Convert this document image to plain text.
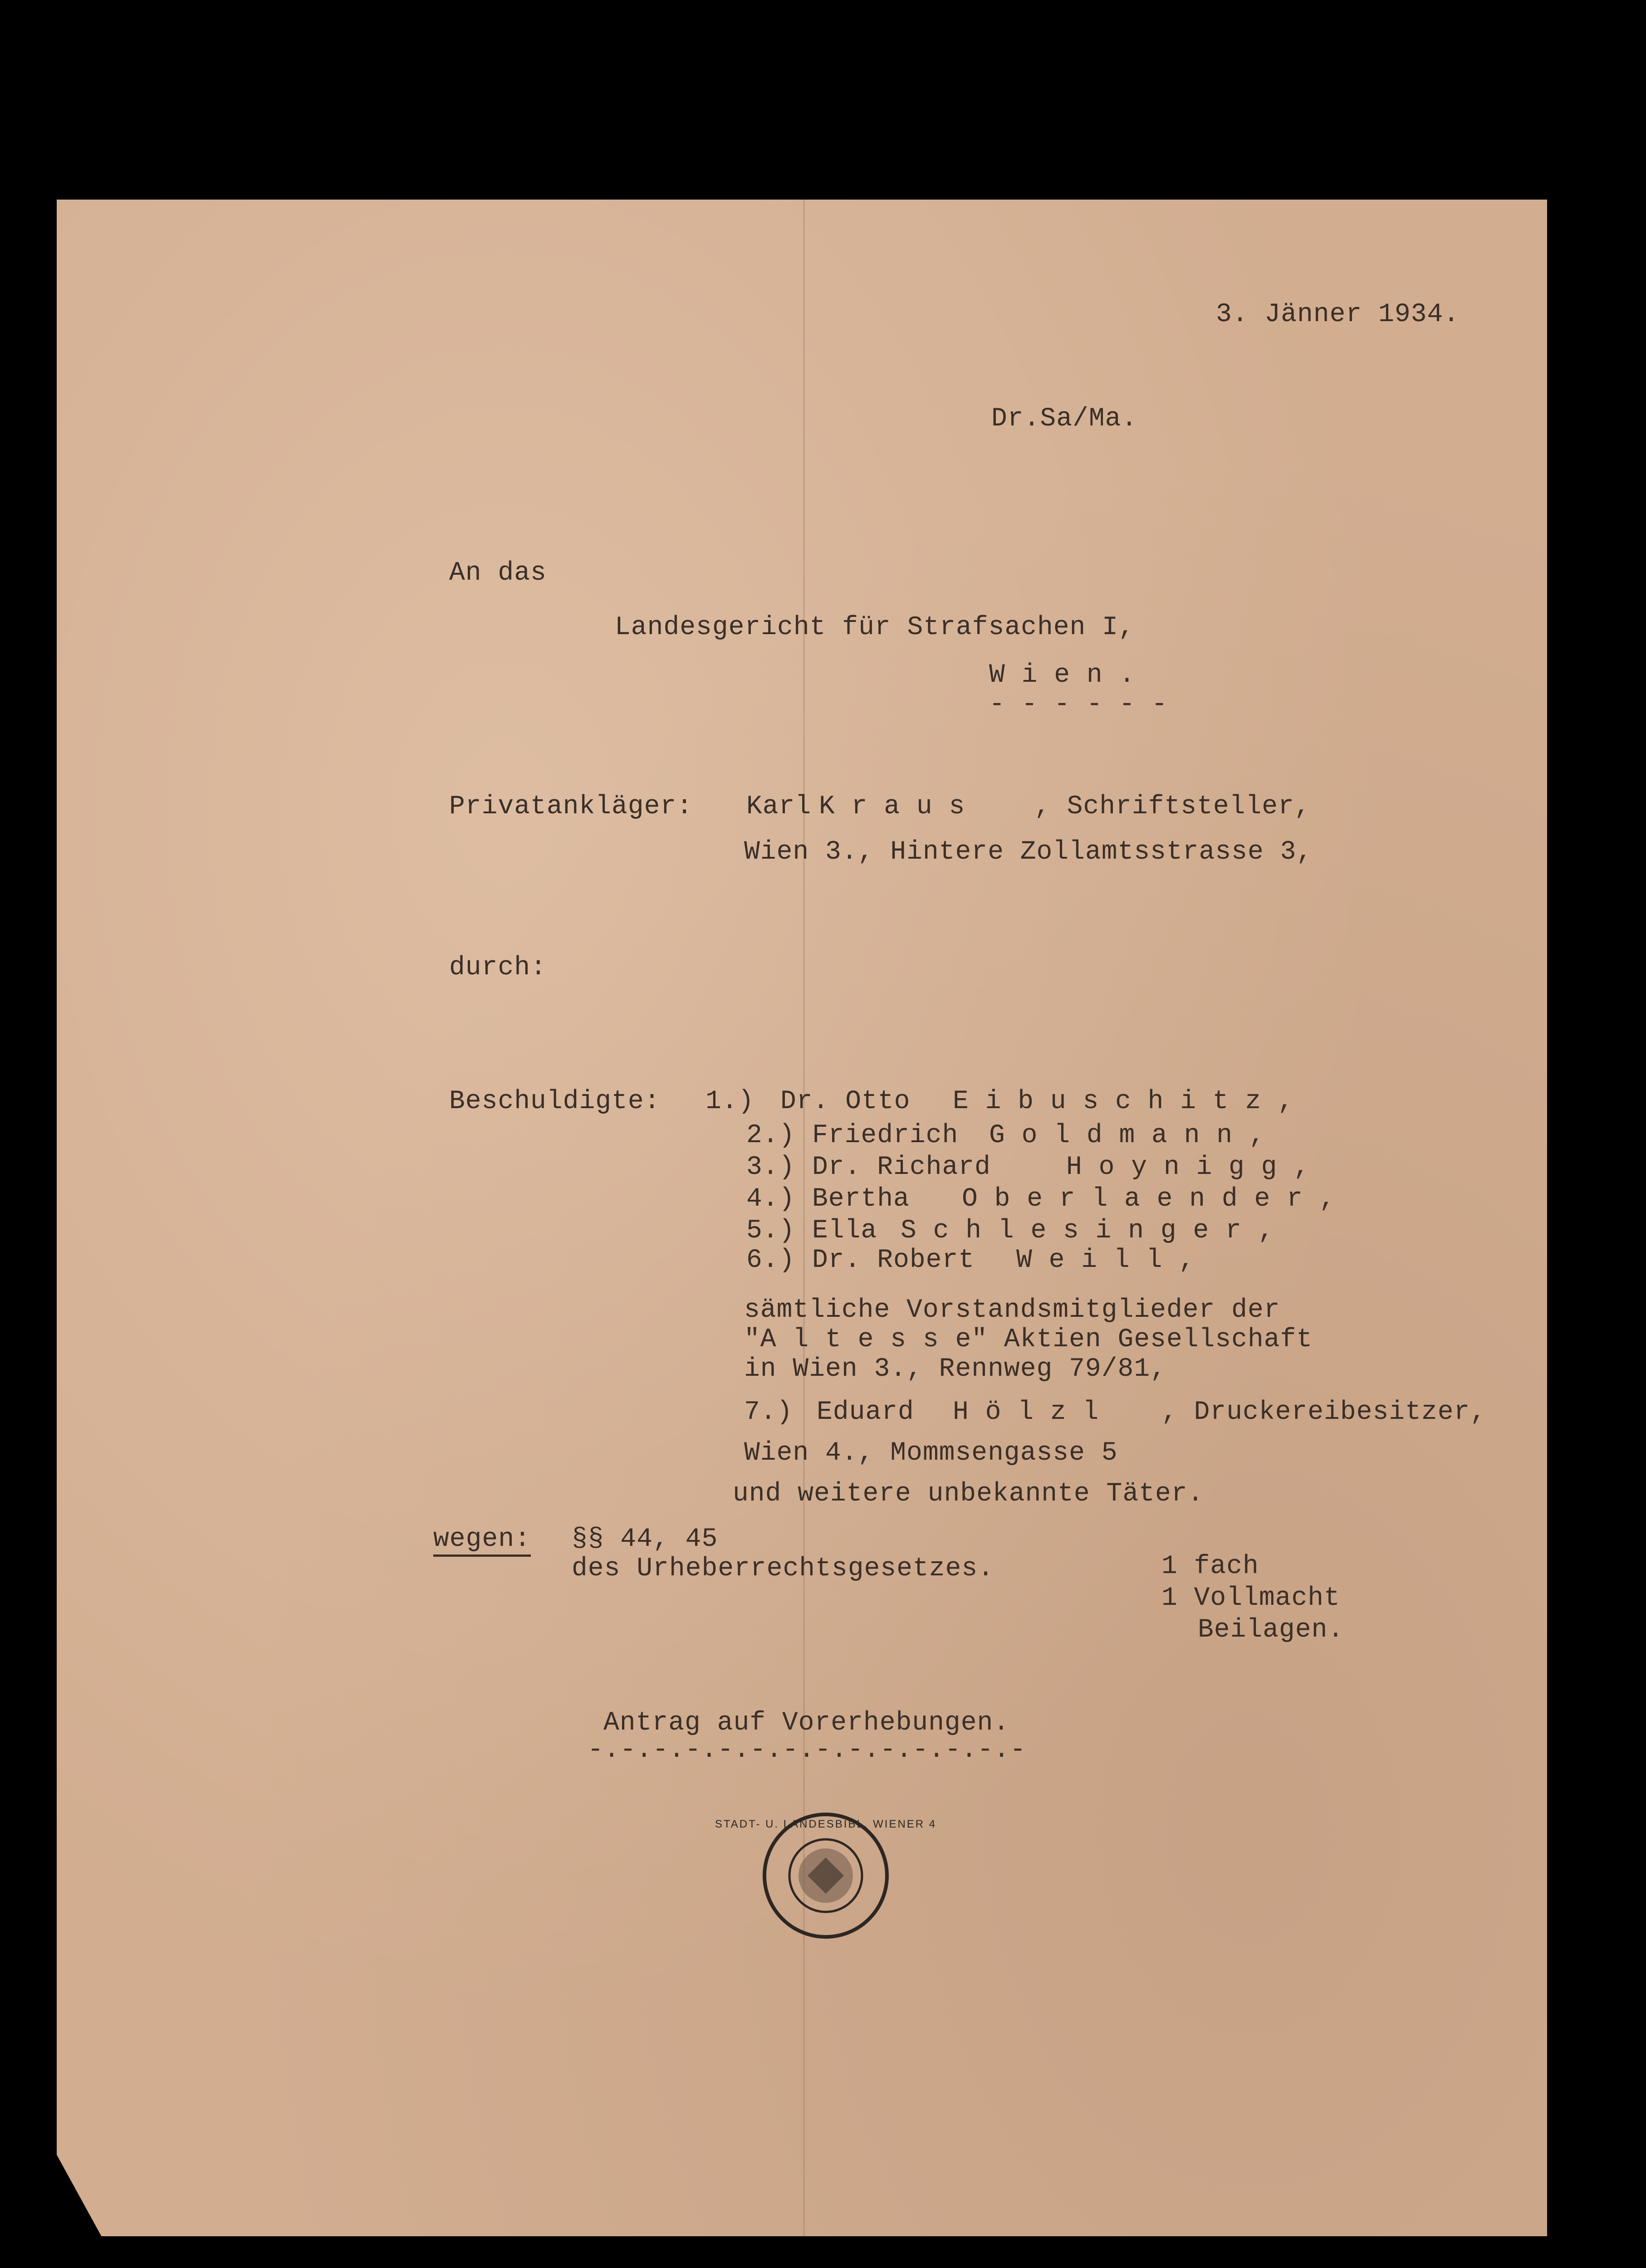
3. Jänner 1934.
Dr.Sa/Ma.
An das
Landesgericht für Strafsachen I,
W i e n .
- - - - - -
Privatankläger: Karl K r a u s	, Schriftsteller,
Wien 3., Hintere Zollamtsstrasse 3,
durch:
Beschuldigte: 1.) Dr. Otto E i b u s c h i t z ,
2.) Friedrich G o l d m a n n ,
3.) Dr. Richard	H o y n i g g ,
4.) Bertha O b e r l a e n d e r ,
5.) Ella S c h l e s i n g e r ,
6.) Dr. Robert W e i l l ,
sämtliche Vorstandsmitglieder der
"A l t e s s e" Aktien Gesellschaft
in Wien 3., Rennweg 79/81,
7.) Eduard H ö l z l , Druckereibesitzer,
Wien 4., Mommsengasse 5
und weitere unbekannte Täter.
wegen: §§ 44, 45
des Urheberrechtsgesetzes.	1 fach
1 Vollmacht
Beilagen.
Antrag auf Vorerhebungen.
-.-.-.-.-.-.-.-.-.-.-.-.-.-
STADT- U. LANDESBIBL. WIENER 4
